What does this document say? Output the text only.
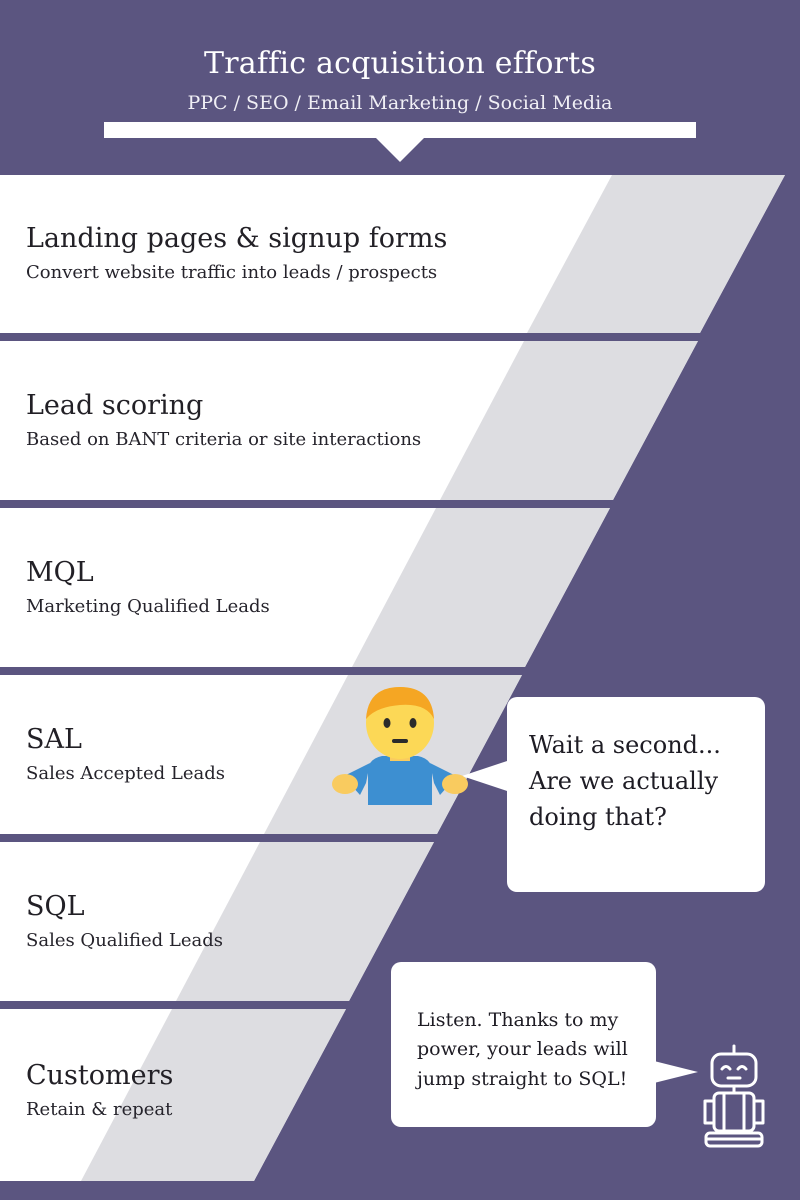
Traffic acquisition efforts
PPC / SEO / Email Marketing / Social Media
Landing pages & signup forms
Convert website traffic into leads / prospects
Lead scoring
Based on BANT criteria or site interactions
MQL
Marketing Qualified Leads
SAL
Sales Accepted Leads
SQL
Sales Qualified Leads
Customers
Retain & repeat
Wait a second... Are we actually doing that?
Listen. Thanks to my power, your leads will jump straight to SQL!
